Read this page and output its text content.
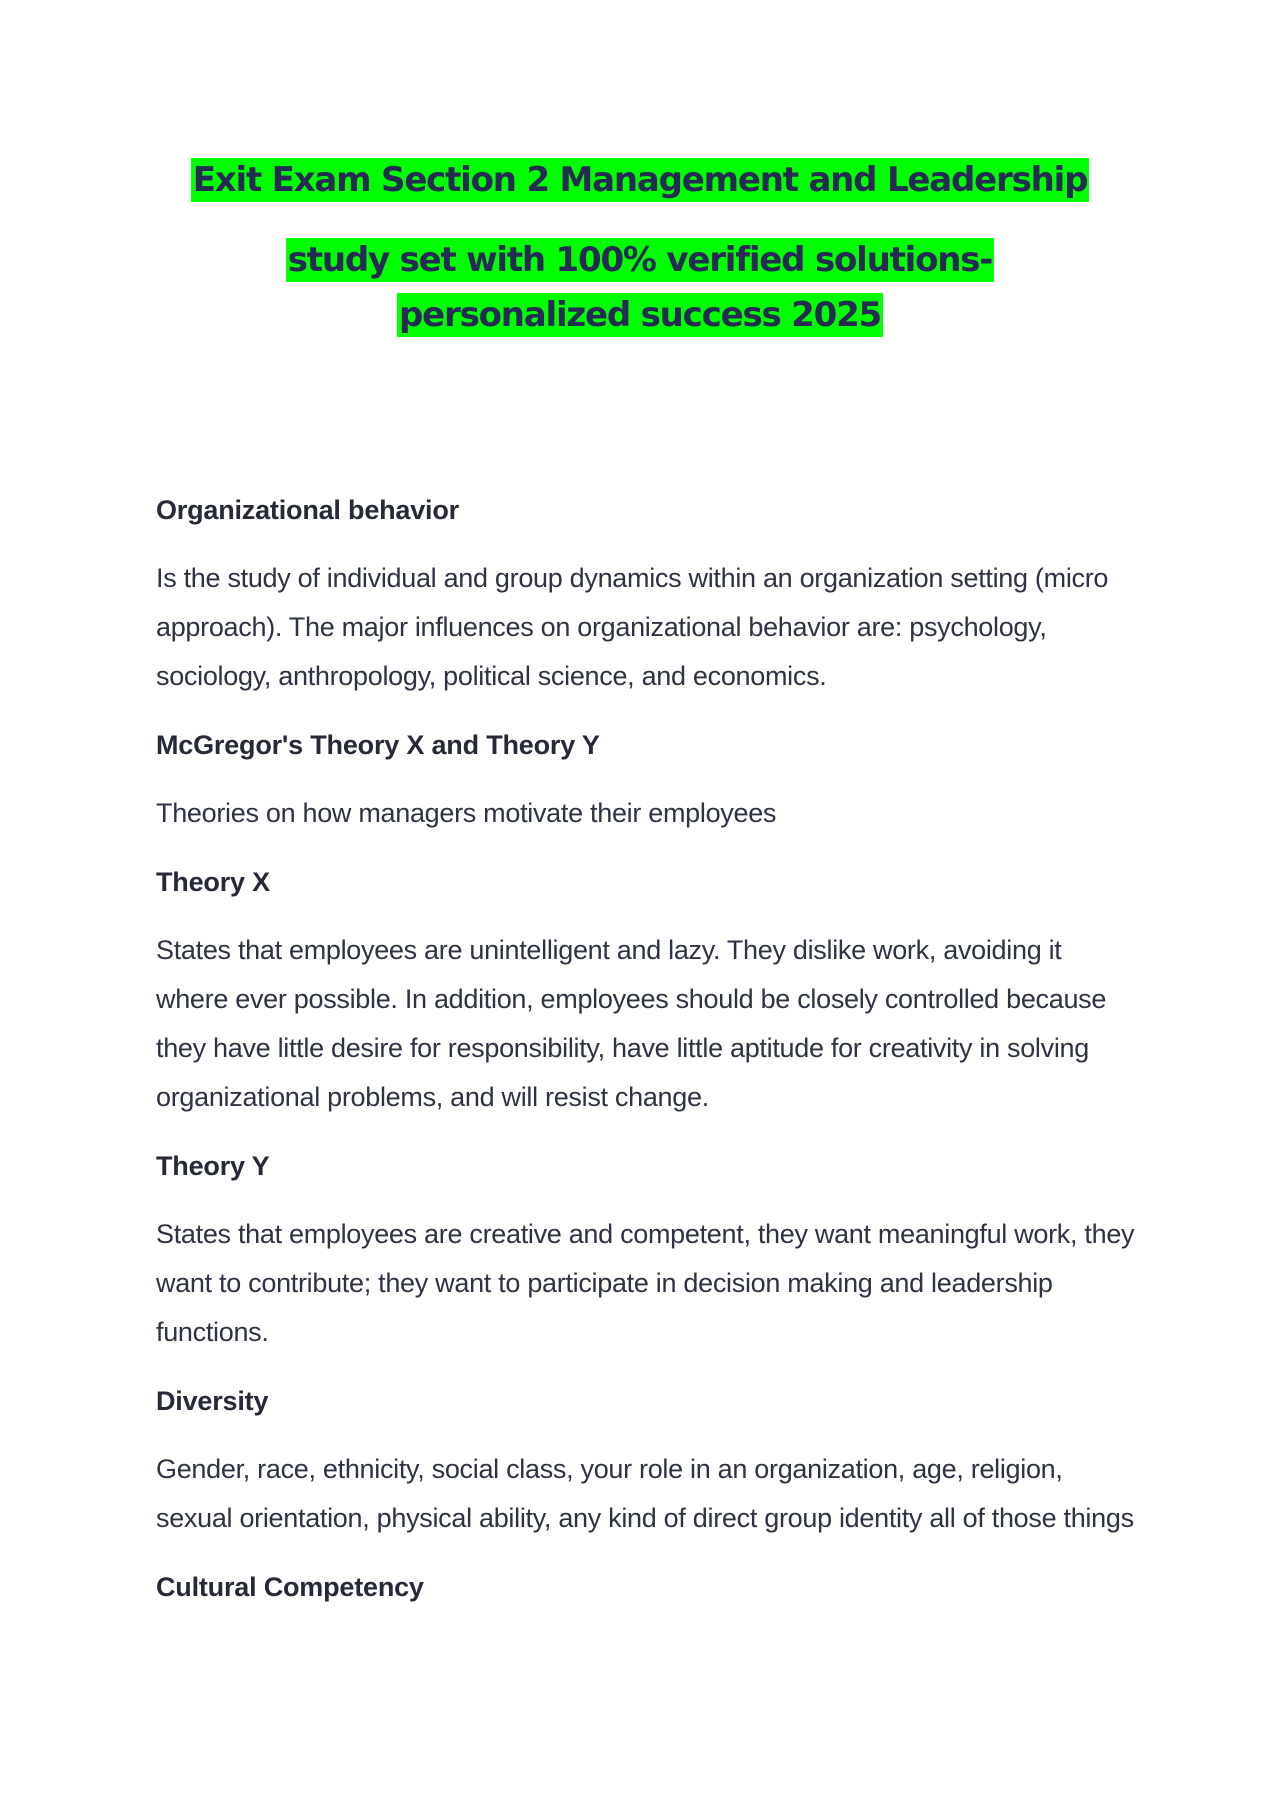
Exit Exam Section 2 Management and Leadership
study set with 100% verified solutions-personalized success 2025
Organizational behavior

Is the study of individual and group dynamics within an organization setting (micro approach). The major influences on organizational behavior are: psychology, sociology, anthropology, political science, and economics.

McGregor's Theory X and Theory Y

Theories on how managers motivate their employees

Theory X

States that employees are unintelligent and lazy. They dislike work, avoiding it where ever possible. In addition, employees should be closely controlled because they have little desire for responsibility, have little aptitude for creativity in solving organizational problems, and will resist change.

Theory Y

States that employees are creative and competent, they want meaningful work, they want to contribute; they want to participate in decision making and leadership functions.

Diversity

Gender, race, ethnicity, social class, your role in an organization, age, religion, sexual orientation, physical ability, any kind of direct group identity all of those things

Cultural Competency
